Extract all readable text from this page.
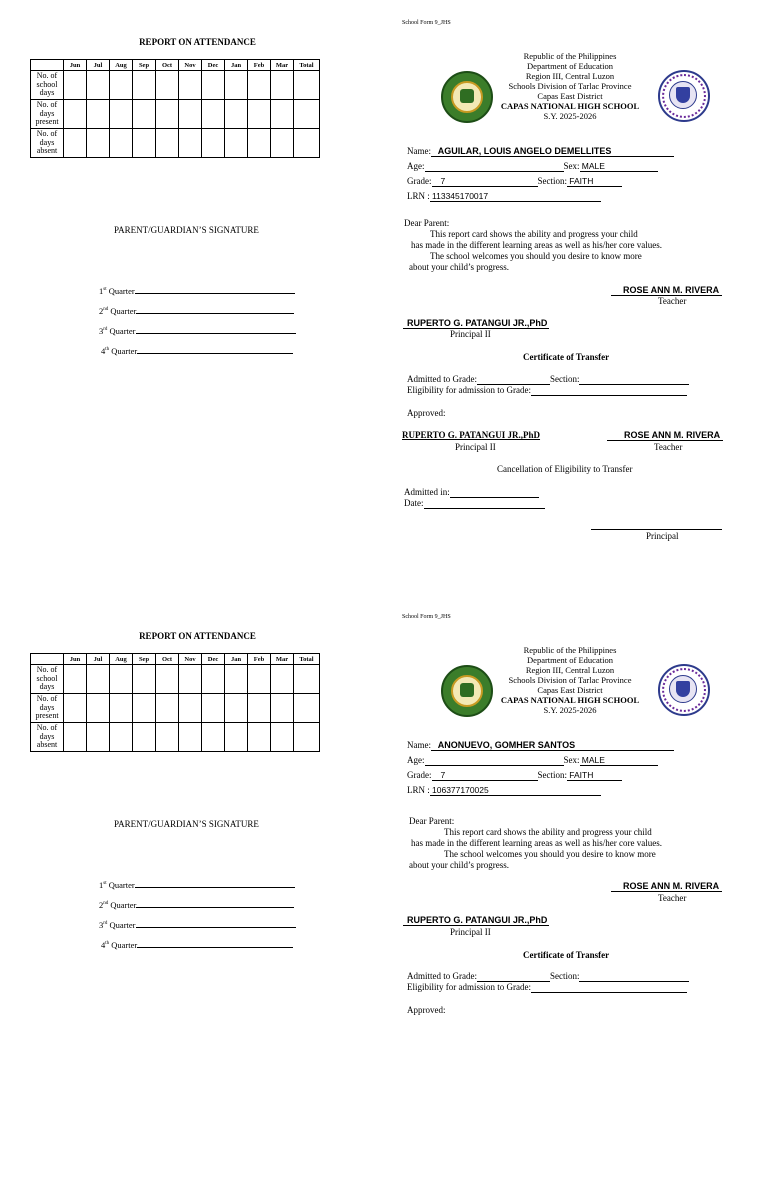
REPORT ON ATTENDANCE
	Jun	Jul	Aug	Sep	Oct	Nov	Dec	Jan	Feb	Mar	Total
No. of
school
days											
No. of
days
present											
No. of
days
absent											
PARENT/GUARDIAN’S SIGNATURE
1st Quarter
2nd Quarter
3rd Quarter
4th Quarter
School Form 9_JHS
Republic of the Philippines
Department of Education
Region III, Central Luzon
Schools Division of Tarlac Province
Capas East District
CAPAS NATIONAL HIGH SCHOOL
S.Y. 2025-2026
Name: AGUILAR, LOUIS ANGELO DEMELLITES
Age:	Sex: MALE
Grade: 7	Section: FAITH
LRN : 113345170017
Dear Parent:
This report card shows the ability and progress your child
has made in the different learning areas as well as his/her core values.
The school welcomes you should you desire to know more
about your child’s progress.
ROSE ANN M. RIVERA
Teacher
RUPERTO G. PATANGUI JR.,PhD
Principal II
Certificate of Transfer
Admitted to Grade:	Section:
Eligibility for admission to Grade:
Approved:
RUPERTO G. PATANGUI JR.,PhD
Principal II
ROSE ANN M. RIVERA
Teacher
Cancellation of Eligibility to Transfer
Admitted in:
Date:
Principal
REPORT ON ATTENDANCE
	Jun	Jul	Aug	Sep	Oct	Nov	Dec	Jan	Feb	Mar	Total
No. of
school
days											
No. of
days
present											
No. of
days
absent											
PARENT/GUARDIAN’S SIGNATURE
1st Quarter
2nd Quarter
3rd Quarter
4th Quarter
School Form 9_JHS
Republic of the Philippines
Department of Education
Region III, Central Luzon
Schools Division of Tarlac Province
Capas East District
CAPAS NATIONAL HIGH SCHOOL
S.Y. 2025-2026
Name: ANONUEVO, GOMHER SANTOS
Age:	Sex: MALE
Grade: 7	Section: FAITH
LRN : 106377170025
Dear Parent:
This report card shows the ability and progress your child
has made in the different learning areas as well as his/her core values.
The school welcomes you should you desire to know more
about your child’s progress.
ROSE ANN M. RIVERA
Teacher
RUPERTO G. PATANGUI JR.,PhD
Principal II
Certificate of Transfer
Admitted to Grade:	Section:
Eligibility for admission to Grade:
Approved:
